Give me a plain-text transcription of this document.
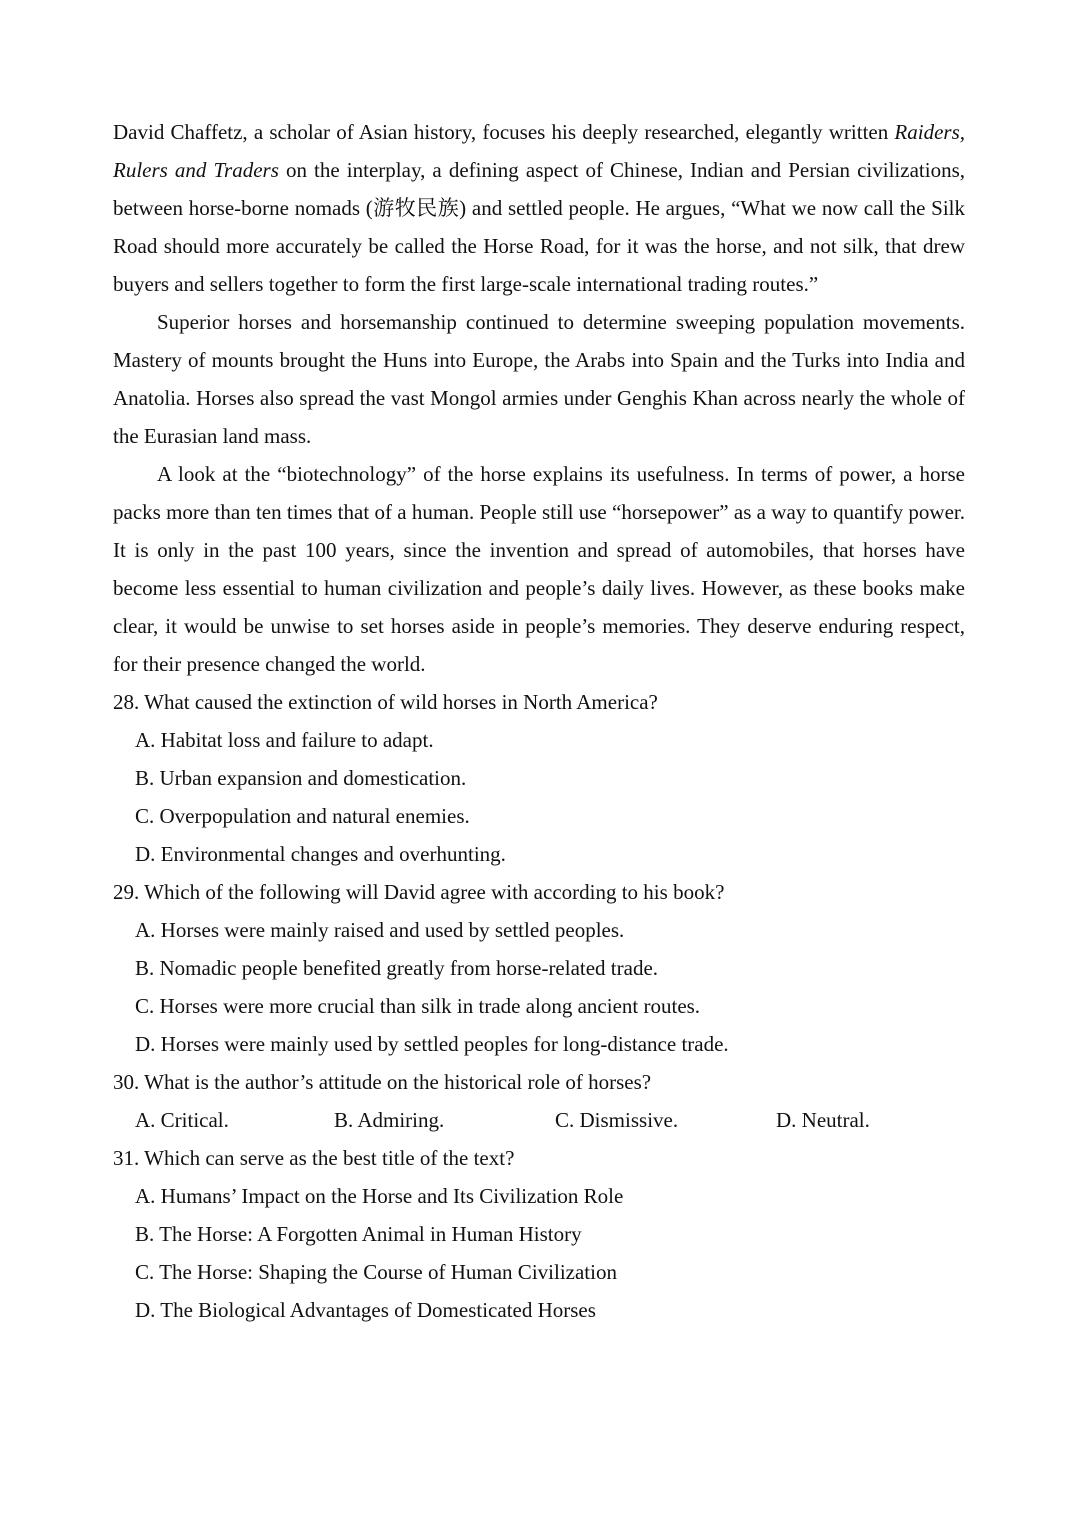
David Chaffetz, a scholar of Asian history, focuses his deeply researched, elegantly written Raiders, Rulers and Traders on the interplay, a defining aspect of Chinese, Indian and Persian civilizations, between horse-borne nomads (游牧民族) and settled people. He argues, “What we now call the Silk Road should more accurately be called the Horse Road, for it was the horse, and not silk, that drew buyers and sellers together to form the first large-scale international trading routes.”

Superior horses and horsemanship continued to determine sweeping population movements. Mastery of mounts brought the Huns into Europe, the Arabs into Spain and the Turks into India and Anatolia. Horses also spread the vast Mongol armies under Genghis Khan across nearly the whole of the Eurasian land mass.

A look at the “biotechnology” of the horse explains its usefulness. In terms of power, a horse packs more than ten times that of a human. People still use “horsepower” as a way to quantify power. It is only in the past 100 years, since the invention and spread of automobiles, that horses have become less essential to human civilization and people’s daily lives. However, as these books make clear, it would be unwise to set horses aside in people’s memories. They deserve enduring respect, for their presence changed the world.

28. What caused the extinction of wild horses in North America?

A. Habitat loss and failure to adapt.

B. Urban expansion and domestication.

C. Overpopulation and natural enemies.

D. Environmental changes and overhunting.

29. Which of the following will David agree with according to his book?

A. Horses were mainly raised and used by settled peoples.

B. Nomadic people benefited greatly from horse-related trade.

C. Horses were more crucial than silk in trade along ancient routes.

D. Horses were mainly used by settled peoples for long-distance trade.

30. What is the author’s attitude on the historical role of horses?

A. Critical.	B. Admiring.	C. Dismissive.	D. Neutral.

31. Which can serve as the best title of the text?

A. Humans’ Impact on the Horse and Its Civilization Role

B. The Horse: A Forgotten Animal in Human History

C. The Horse: Shaping the Course of Human Civilization

D. The Biological Advantages of Domesticated Horses
